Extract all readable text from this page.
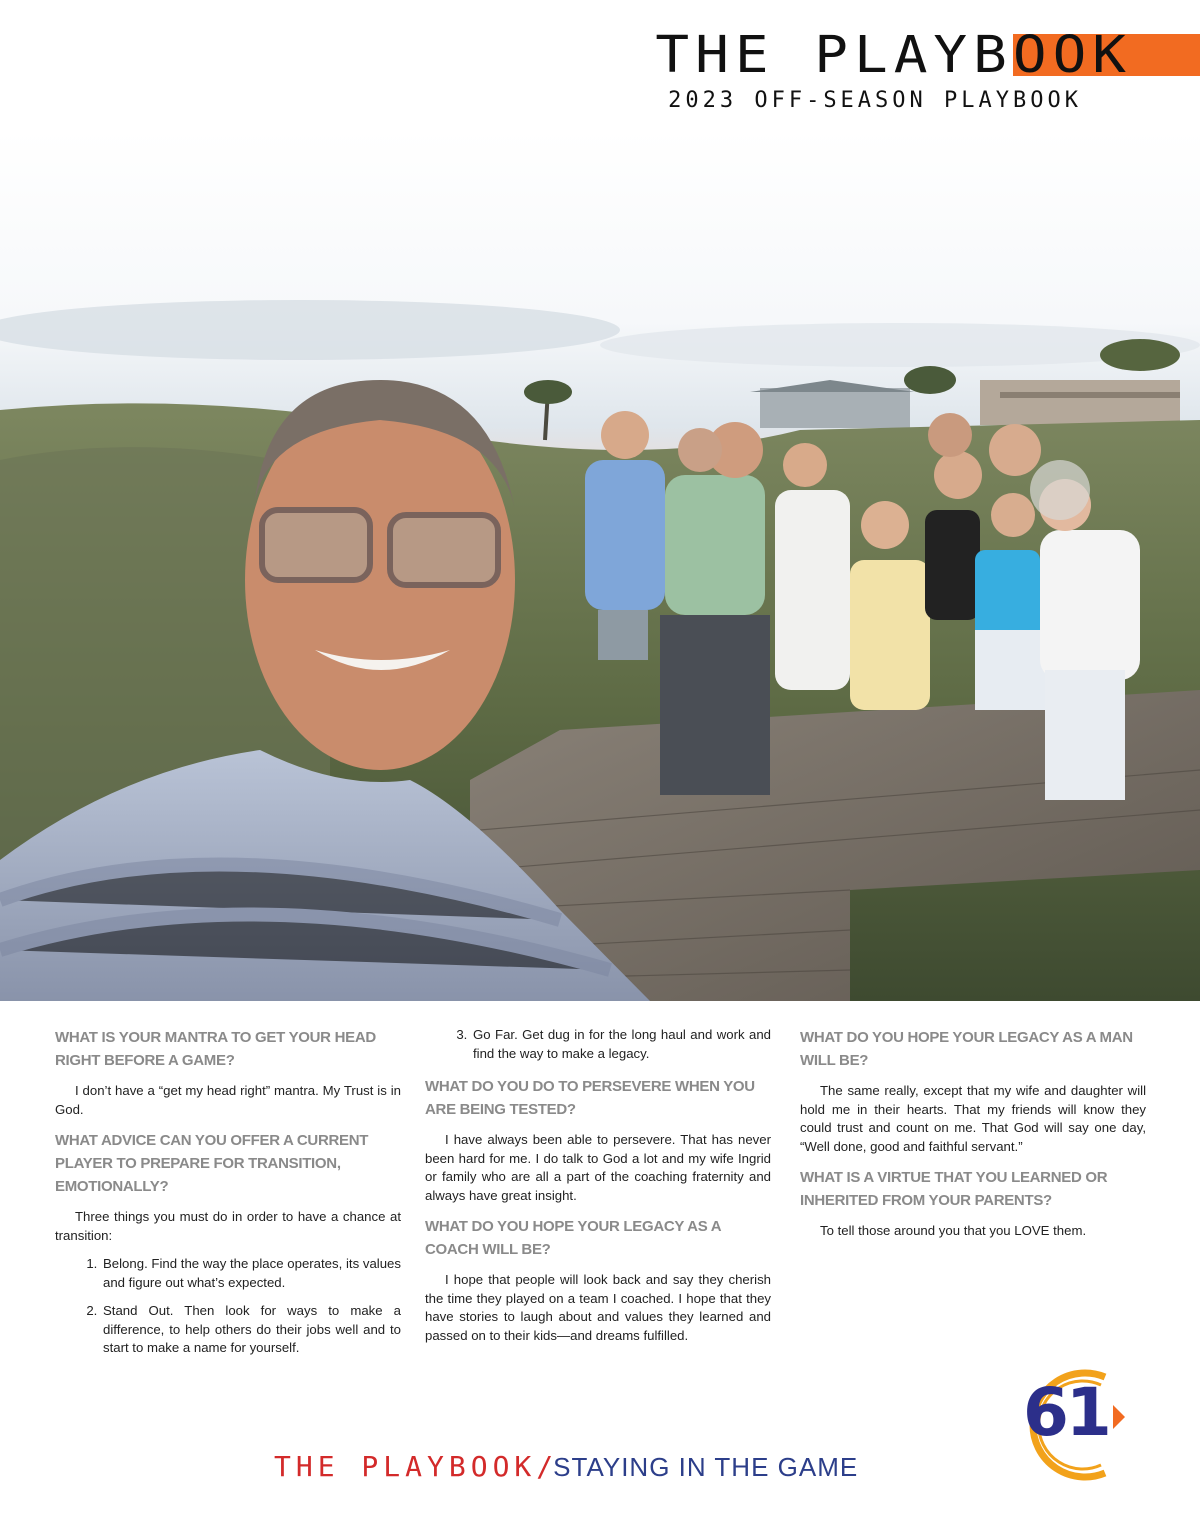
THE PLAYBOOK
2023 OFF-SEASON PLAYBOOK
WHAT IS YOUR MANTRA TO GET YOUR HEAD RIGHT BEFORE A GAME?

I don’t have a “get my head right” mantra. My Trust is in God.

WHAT ADVICE CAN YOU OFFER A CURRENT PLAYER TO PREPARE FOR TRANSITION, EMOTIONALLY?

Three things you must do in order to have a chance at transition:

1. Belong. Find the way the place operates, its values and figure out what’s expected.
2. Stand Out. Then look for ways to make a difference, to help others do their jobs well and to start to make a name for yourself.
3. Go Far. Get dug in for the long haul and work and find the way to make a legacy.
WHAT DO YOU DO TO PERSEVERE WHEN YOU ARE BEING TESTED?

I have always been able to persevere. That has never been hard for me. I do talk to God a lot and my wife Ingrid or family who are all a part of the coaching fraternity and always have great insight.

WHAT DO YOU HOPE YOUR LEGACY AS A COACH WILL BE?

I hope that people will look back and say they cherish the time they played on a team I coached. I hope that they have stories to laugh about and values they learned and passed on to their kids—and dreams fulfilled.

WHAT DO YOU HOPE YOUR LEGACY AS A MAN WILL BE?

The same really, except that my wife and daughter will hold me in their hearts. That my friends will know they could trust and count on me. That God will say one day, “Well done, good and faithful servant.”

WHAT IS A VIRTUE THAT YOU LEARNED OR INHERITED FROM YOUR PARENTS?

To tell those around you that you LOVE them.

61
THE PLAYBOOK/STAYING IN THE GAME
